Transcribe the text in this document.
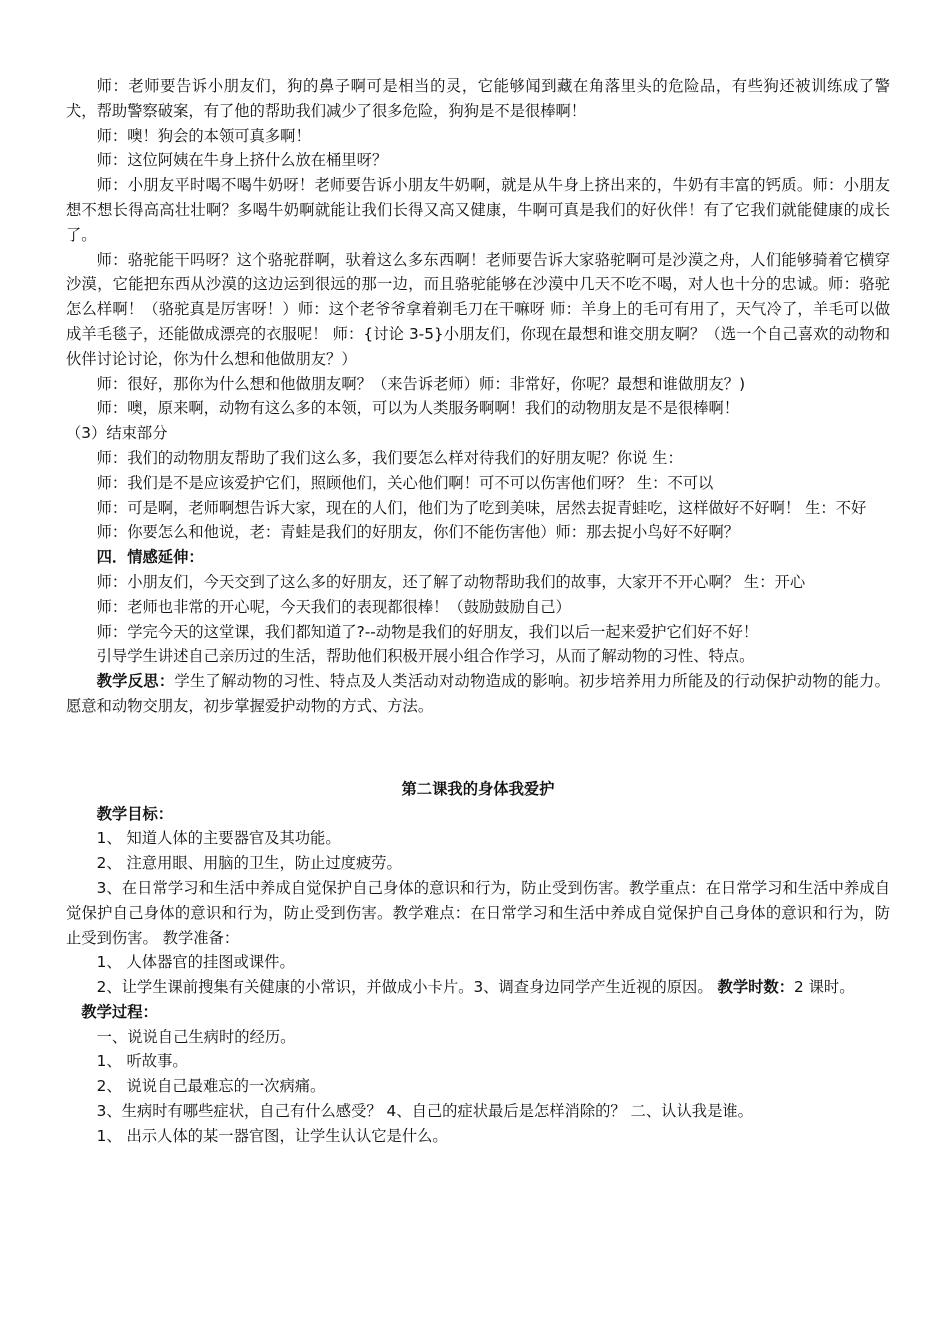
师：老师要告诉小朋友们，狗的鼻子啊可是相当的灵，它能够闻到藏在角落里头的危险品，有些狗还被训练成了警犬，帮助警察破案，有了他的帮助我们减少了很多危险，狗狗是不是很棒啊！

师：噢！狗会的本领可真多啊！

师：这位阿姨在牛身上挤什么放在桶里呀？

师：小朋友平时喝不喝牛奶呀！老师要告诉小朋友牛奶啊，就是从牛身上挤出来的，牛奶有丰富的钙质。师：小朋友想不想长得高高壮壮啊？多喝牛奶啊就能让我们长得又高又健康，牛啊可真是我们的好伙伴！有了它我们就能健康的成长了。

师：骆驼能干吗呀？这个骆驼群啊，驮着这么多东西啊！老师要告诉大家骆驼啊可是沙漠之舟，人们能够骑着它横穿沙漠，它能把东西从沙漠的这边运到很远的那一边，而且骆驼能够在沙漠中几天不吃不喝，对人也十分的忠诚。师：骆驼怎么样啊！（骆驼真是厉害呀！）师：这个老爷爷拿着剃毛刀在干嘛呀 师：羊身上的毛可有用了，天气冷了，羊毛可以做成羊毛毯子，还能做成漂亮的衣服呢！ 师：{讨论 3-5}小朋友们，你现在最想和谁交朋友啊？（选一个自己喜欢的动物和伙伴讨论讨论，你为什么想和他做朋友？）

师：很好，那你为什么想和他做朋友啊？（来告诉老师）师：非常好，你呢？最想和谁做朋友？)

师：噢，原来啊，动物有这么多的本领，可以为人类服务啊啊！我们的动物朋友是不是很棒啊！

（3）结束部分

师：我们的动物朋友帮助了我们这么多，我们要怎么样对待我们的好朋友呢？你说 生：

师：我们是不是应该爱护它们，照顾他们，关心他们啊！可不可以伤害他们呀？ 生：不可以

师：可是啊，老师啊想告诉大家，现在的人们，他们为了吃到美味，居然去捉青蛙吃，这样做好不好啊！ 生：不好

师：你要怎么和他说，老：青蛙是我们的好朋友，你们不能伤害他）师：那去捉小鸟好不好啊？

四．情感延伸：

师：小朋友们，今天交到了这么多的好朋友，还了解了动物帮助我们的故事，大家开不开心啊？ 生：开心

师：老师也非常的开心呢，今天我们的表现都很棒！（鼓励鼓励自己）

师：学完今天的这堂课，我们都知道了?--动物是我们的好朋友，我们以后一起来爱护它们好不好！

引导学生讲述自己亲历过的生活，帮助他们积极开展小组合作学习，从而了解动物的习性、特点。

教学反思：学生了解动物的习性、特点及人类活动对动物造成的影响。初步培养用力所能及的行动保护动物的能力。愿意和动物交朋友，初步掌握爱护动物的方式、方法。

第二课我的身体我爱护

教学目标：

1、 知道人体的主要器官及其功能。

2、 注意用眼、用脑的卫生，防止过度疲劳。

3、在日常学习和生活中养成自觉保护自己身体的意识和行为，防止受到伤害。教学重点：在日常学习和生活中养成自觉保护自己身体的意识和行为，防止受到伤害。教学难点：在日常学习和生活中养成自觉保护自己身体的意识和行为，防止受到伤害。 教学准备：

1、 人体器官的挂图或课件。

2、让学生课前搜集有关健康的小常识，并做成小卡片。3、调查身边同学产生近视的原因。 教学时数：2 课时。

教学过程：

一、说说自己生病时的经历。

1、 听故事。

2、 说说自己最难忘的一次病痛。

3、生病时有哪些症状，自己有什么感受？ 4、自己的症状最后是怎样消除的？ 二、认认我是谁。

1、 出示人体的某一器官图，让学生认认它是什么。
